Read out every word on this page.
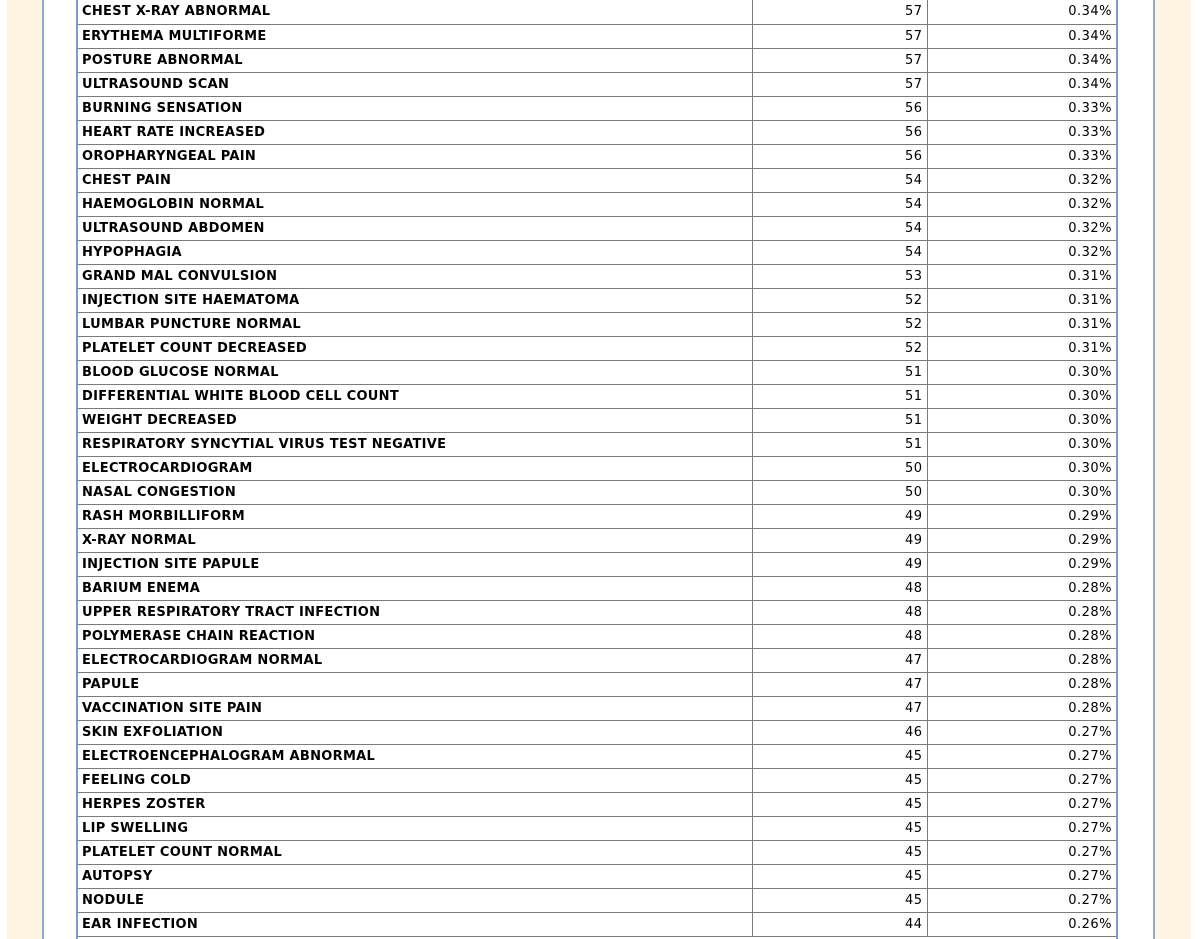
CHEST X-RAY ABNORMAL	57	0.34%
ERYTHEMA MULTIFORME	57	0.34%
POSTURE ABNORMAL	57	0.34%
ULTRASOUND SCAN	57	0.34%
BURNING SENSATION	56	0.33%
HEART RATE INCREASED	56	0.33%
OROPHARYNGEAL PAIN	56	0.33%
CHEST PAIN	54	0.32%
HAEMOGLOBIN NORMAL	54	0.32%
ULTRASOUND ABDOMEN	54	0.32%
HYPOPHAGIA	54	0.32%
GRAND MAL CONVULSION	53	0.31%
INJECTION SITE HAEMATOMA	52	0.31%
LUMBAR PUNCTURE NORMAL	52	0.31%
PLATELET COUNT DECREASED	52	0.31%
BLOOD GLUCOSE NORMAL	51	0.30%
DIFFERENTIAL WHITE BLOOD CELL COUNT	51	0.30%
WEIGHT DECREASED	51	0.30%
RESPIRATORY SYNCYTIAL VIRUS TEST NEGATIVE	51	0.30%
ELECTROCARDIOGRAM	50	0.30%
NASAL CONGESTION	50	0.30%
RASH MORBILLIFORM	49	0.29%
X-RAY NORMAL	49	0.29%
INJECTION SITE PAPULE	49	0.29%
BARIUM ENEMA	48	0.28%
UPPER RESPIRATORY TRACT INFECTION	48	0.28%
POLYMERASE CHAIN REACTION	48	0.28%
ELECTROCARDIOGRAM NORMAL	47	0.28%
PAPULE	47	0.28%
VACCINATION SITE PAIN	47	0.28%
SKIN EXFOLIATION	46	0.27%
ELECTROENCEPHALOGRAM ABNORMAL	45	0.27%
FEELING COLD	45	0.27%
HERPES ZOSTER	45	0.27%
LIP SWELLING	45	0.27%
PLATELET COUNT NORMAL	45	0.27%
AUTOPSY	45	0.27%
NODULE	45	0.27%
EAR INFECTION	44	0.26%
